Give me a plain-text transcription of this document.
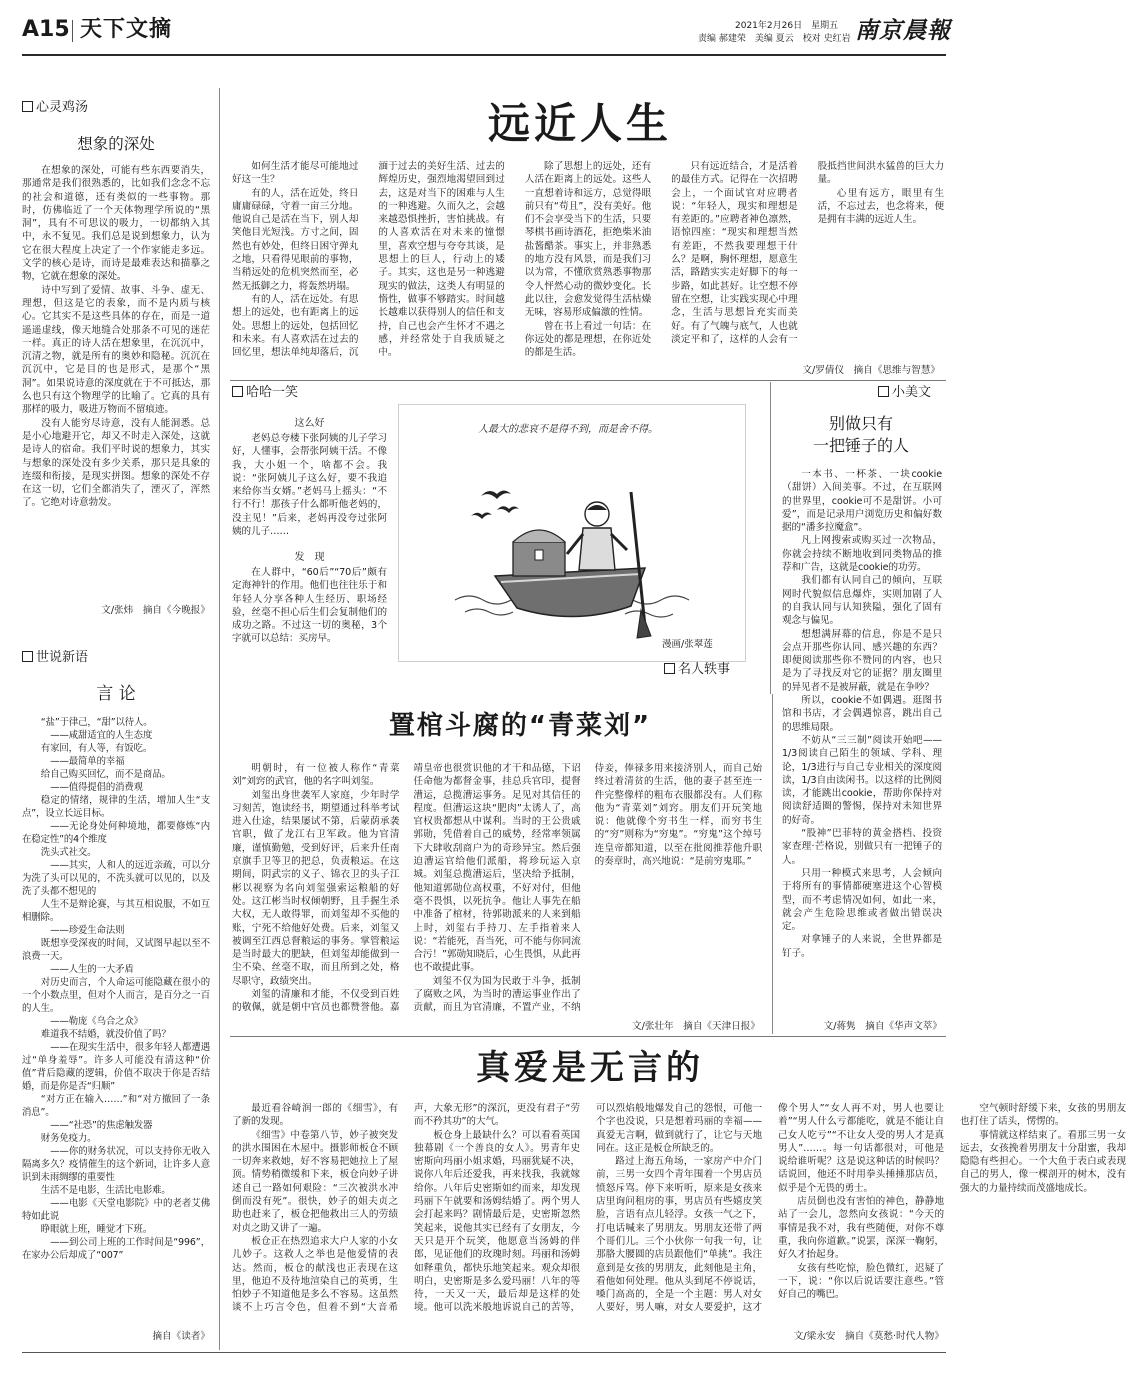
A15 天下文摘	2021年2月26日　星期五
责编 郝建荣　美编 夏云　校对 史红岩 南京晨報
心灵鸡汤
想象的深处

在想象的深处，可能有些东西要消失，那通常是我们很熟悉的，比如我们念念不忘的社会和道德，还有类似的一些事物。那时，仿佛临近了一个天体物理学所说的“黑洞”，具有不可思议的吸力，一切都纳入其中，永不复见。我们总是说到想象力，认为它在很大程度上决定了一个作家能走多远。文学的核心是诗，而诗是最难表达和描摹之物，它就在想象的深处。

诗中写到了爱情、故事、斗争、虚无、理想，但这是它的表象，而不是内质与核心。它其实不是这些具体的存在，而是一道遥遥虚线，像天地缝合处那条不可见的迷茫一样。真正的诗人活在想象里，在沉沉中，沉清之物，就是所有的奥妙和隐秘。沉沉在沉沉中，它是目的也是形式，是那个“黑洞”。如果说诗意的深度就在于不可抵达，那么也只有这个物理学的比喻了。它真的具有那样的吸力，吸进万物而不留痕迹。

没有人能穷尽诗意，没有人能洞悉。总是小心地避开它，却又不时走入深处，这就是诗人的宿命。我们平时说的想象力，其实与想象的深处没有多少关系，那只是具象的连缀和衔接，是现实拼图。想象的深处不存在这一切，它们全都消失了，湮灭了，浑然了。它绝对诗意勃发。

文/张炜　摘自《今晚报》
世说新语
言 论

“盐”于律己，“甜”以待人。

——咸甜适宜的人生态度

有家回，有人等，有饭吃。

——最简单的幸福

给自己购买回忆，而不是商品。

——值得提倡的消费观

稳定的情绪，规律的生活，增加人生“支点”，设立长远目标。

——无论身处何种境地，都要修炼“内在稳定性”的4个维度

洗头式社交。

——其实，人和人的远近亲疏，可以分为洗了头可以见的，不洗头就可以见的，以及洗了头都不想见的

人生不是辩论赛，与其互相说服，不如互相删除。

——珍爱生命法则

既想享受深夜的时间，又试图早起以至不浪费一天。

——人生的一大矛盾

对历史而言，个人命运可能隐藏在很小的一个小数点里，但对个人而言，是百分之一百的人生。

——勒庞《乌合之众》

难道我不结婚，就没价值了吗？

——在现实生活中，很多年轻人都遭遇过“单身羞辱”。许多人可能没有清这种“价值”背后隐藏的逻辑，价值不取决于你是否结婚，而是你是否“归顺”

“对方正在输入……”和“对方撤回了一条消息”。

——“社恐”的焦虑触发器

财务免疫力。

——你的财务状况，可以支持你无收入隔离多久？疫情催生的这个新词，让许多人意识到未雨绸缪的重要性

生活不是电影，生活比电影难。

——电影《天堂电影院》中的老者艾佛特如此说

睁眼就上班，睡觉才下班。

——到公司上班的工作时间是“996”，在家办公后却成了“007”

摘自《读者》
远近人生

如何生活才能尽可能地过好这一生？

有的人，活在近处，终日庸庸碌碌，守着一亩三分地。他说自己是活在当下，别人却笑他目光短浅。方寸之间，固然也有妙处，但终日困守弹丸之地，只看得见眼前的事物，当稍远处的危机突然而至，必然无抵御之力，将轰然坍塌。

有的人，活在远处。有思想上的远处，也有距离上的远处。思想上的远处，包括回忆和未来。有人喜欢活在过去的回忆里，想法单纯却落后，沉湎于过去的美好生活、过去的辉煌历史，强烈地渴望回到过去，这是对当下的困难与人生的一种逃避。久而久之，会越来越恐惧挫折，害怕挑战。有的人喜欢活在对未来的憧憬里，喜欢空想与夸夸其谈，是思想上的巨人，行动上的矮子。其实，这也是另一种逃避现实的做法，这类人有明显的惰性，做事不够踏实。时间越长越难以获得别人的信任和支持，自己也会产生怀才不遇之感，并经常处于自我质疑之中。

除了思想上的远处，还有人活在距离上的远处。这些人一直想着诗和远方，总觉得眼前只有“苟且”，没有美好。他们不会享受当下的生活，只要琴棋书画诗酒花，拒绝柴米油盐酱醋茶。事实上，并非熟悉的地方没有风景，而是我们习以为常，不懂欣赏熟悉事物那令人怦然心动的微妙变化。长此以往，会愈发觉得生活枯燥无味，容易形成偏激的性情。

曾在书上看过一句话：在你远处的都是理想，在你近处的都是生活。

只有远近结合，才是活着的最佳方式。记得在一次招聘会上，一个面试官对应聘者说：“年轻人，现实和理想是有差距的。”应聘者神色凛然，语惊四座：“现实和理想当然有差距，不然我要理想干什么？是啊，胸怀理想，愿意生活，路踏实实走好脚下的每一步路，如此甚好。让空想不停留在空想，让实践实现心中理念，生活与思想旨充实而美好。有了气魄与底气，人也就淡定平和了，这样的人会有一股抵挡世间洪水猛兽的巨大力量。

心里有远方，眼里有生活，不忘过去，也念将来，便是拥有丰满的远近人生。

文/罗倩仪　摘自《思维与智慧》
哈哈一笑
这么好

老妈总夸楼下张阿姨的儿子学习好，人懂事，会帮张阿姨干活。不像我，大小姐一个，啥都不会。我说：“张阿姨儿子这么好，要不我追来给你当女婿。”老妈马上摇头：“不行不行！那孩子什么都听他老妈的，没主见！”后来，老妈再没夸过张阿姨的儿子……

发　现

在人群中，“60后”“70后”颇有定海神针的作用。他们也往往乐于和年轻人分享各种人生经历、职场经验，丝毫不担心后生们会复制他们的成功之路。不过这一切的奥秘，3个字就可以总结：买房早。

人最大的悲哀不是得不到，而是舍不得。
漫画/张翠莲
名人轶事
置棺斗腐的“青菜刘”

明朝时，有一位被人称作“青菜刘”刘窍的武官，他的名字叫刘玺。

刘玺出身世袭军人家庭，少年时学习刻苦，饱读经书，期望通过科举考试进入仕途，结果屡试不第，后蒙荫承袭官职，做了龙江右卫军政。他为官清廉，谨慎勤勉，受到好评，后来升任南京旗手卫等卫的把总，负责粮运。在这期间，阴武宗的义子、锦衣卫的头子江彬以视察为名向刘玺强索运粮船的好处。这江彬当时权倾朝野，且手握生杀大权，无人敢得罪，而刘玺却不买他的账，宁死不给他好处费。后来，刘玺又被调至江西总督粮运的事务。掌管粮运是当时最大的肥缺，但刘玺却能做到一尘不染、丝毫不取，而且所到之处，格尽职守，政绩突出。

刘玺的清廉和才能，不仅受到百姓的敬佩，就是朝中官员也都赞誉他。嘉靖皇帝也很赏识他的才干和品德，下诏任命他为都督金事，挂总兵官印，提督漕运，总揽漕运事务。足见对其信任的程度。但漕运这块“肥肉”太诱人了，高官权贵都想从中谋利。当时的王公贵戚郭勋，凭借着自己的威势，经常率领属下大肆收刮商户为的奇珍异宝。然后强迫漕运官给他们派船，将珍玩运入京城。刘玺总揽漕运后，坚决给予抵制，他知道郭勋位高权重，不好对付，但他毫不畏惧，以死抗争。他让人事先在船中准备了棺材，待郭勋派来的人来到船上时，刘玺右手持刀、左手指着来人说：“若能死，吾当死，可不能与你同流合污！”郭勋知晓后，心生畏惧，从此再也不敢提此事。

刘玺不仅为国为民敢于斗争，抵制了腐败之风，为当时的漕运事业作出了贡献，而且为官清廉，不置产业，不纳侍妾，俸禄多用来接济别人，而自己始终过着清贫的生活，他的妻子甚至连一件完整像样的粗布衣服都没有。人们称他为“青菜刘”刘窍。朋友们开玩笑地说：他就像个穷书生一样，而穷书生的“穷”则称为“穷鬼”。“穷鬼”这个绰号连皇帝都知道，以至在批阅推荐他升职的奏章时，高兴地说：“是前穷鬼耶。”

文/张壮年　摘自《天津日报》
小美文
别做只有
一把锤子的人

一本书、一杯茶、一块cookie（甜饼）入间美事。不过，在互联网的世界里，cookie可不是甜饼。小可爱”，而是记录用户浏览历史和偏好数据的“潘多拉魔盒”。

凡上网搜索或购买过一次物品，你就会持续不断地收到同类物品的推荐和广告，这就是cookie的功劳。

我们都有认同自己的倾向，互联网时代貌似信息爆炸，实则加剧了人的自我认同与认知狭隘，强化了固有观念与偏见。

想想满屏幕的信息，你是不是只会点开那些你认同、感兴趣的东西？即便阅读那些你不赞同的内容，也只是为了寻找反对它的证据？朋友圈里的异见者不是被屏蔽，就是在争吵？

所以，cookie不如偶遇。逛图书馆和书店，才会偶遇惊喜，跳出自己的思维局限。

不妨从“三三制”阅读开始吧——1/3阅读自己陌生的领域、学科、理论，1/3进行与自己专业相关的深度阅读，1/3自由读闲书。以这样的比例阅读，才能跳出cookie，帮助你保持对阅读舒适圈的警惕，保持对未知世界的好奇。

“股神”巴菲特的黄金搭档、投资家查理·芒格说，别做只有一把锤子的人。

只用一种模式来思考，人会倾向于将所有的事情都硬塞进这个心智模型，而不考虑情况如何，如此一来，就会产生危险思维或者做出错误决定。

对拿锤子的人来说，全世界都是钉子。

文/蒋隽　摘自《华声文萃》
真爱是无言的

最近看谷崎润一郎的《细雪》，有了新的发现。

《细雪》中卷第八节，妙子被突发的洪水围困在木屋中。摄影师板仓不顾一切奔来救她，好不容易把她拉上了屋顶。情势稍微缓和下来，板仓向妙子讲述自己一路如何艰险：“三次被洪水冲倒而没有死”。很快，妙子的姐夫贞之助也赶来了，板仓把他救出三人的劳绩对贞之助又讲了一遍。

板仓正在热烈追求大户人家的小女儿妙子。这救人之举也是他爱情的表达。然而，板仓的献浅也正表现在这里，他迫不及待地渲染自己的英勇，生怕妙子不知道他是多么不容易。这虽然谈不上巧言令色，但着不到“大音希声，大象无形”的深沉，更没有君子“劳而不矜其功”的大气。

板仓身上最缺什么？可以看看英国独幕剧《一个善良的女人》。男青年史密斯向玛丽小姐求婚，玛丽犹疑不决，说你八年后还爱我，再来找我，我就嫁给你。八年后史密斯如约而来，却发现玛丽下午就要和汤姆结婚了。两个男人会打起来吗？剧情最后是，史密斯忽然笑起来，说他其实已经有了女朋友，今天只是开个玩笑，他愿意当汤姆的伴郎，见证他们的玫瑰时刻。玛丽和汤姆如释重负，都快乐地笑起来。观众却很明白，史密斯是多么爱玛丽！八年的等待，一天又一天，最后却是这样的处境。他可以洗米般地诉说自己的苦等，可以烈焰般地爆发自己的怨恨，可他一个字也没说，只是想着玛丽的幸福——真爱无言啊，做到就行了，让它与天地同在。这正是板仓所缺乏的。

路过上海五角场，一家房产中介门前，三男一女四个青年围着一个男店员愤怒斥骂。停下来听听，原来是女孩来店里询问租房的事，男店员有些嬉皮笑脸，言语有点儿轻浮。女孩一气之下，打电话喊来了男朋友。男朋友还带了两个哥们儿。三个小伙你一句我一句，让那胳大腰圆的店员跟他们“单挑”。我注意到是女孩的男朋友，此刻他是主角，看他如何处理。他从头到尾不停说话，嗓门高高的，全是一个主题：男人对女人要好，男人嘛，对女人要爱护，这才像个男人”“女人再不对，男人也要让着”“男人什么亏都能吃，就是不能让自己女人吃亏”“不让女人受的男人才是真男人”……。每一句话都很对，可他是说给谁听呢？这是说这种话的时候吗？话说回，他还不时用拳头捶捶那店员，似乎是个无畏的勇士。

店员倒也没有害怕的神色，静静地站了一会儿，忽然向女孩说：“今天的事情是我不对，我有些随便，对你不尊重，我向你道歉。”说罢，深深一鞠躬，好久才抬起身。

女孩有些吃惊，脸色微红，迟疑了一下，说：“你以后说话要注意些。”管好自己的嘴巴。

空气顿时舒缓下来，女孩的男朋友也打住了话头，愣愣的。

事情就这样结束了。看那三男一女远去，女孩挽着男朋友十分甜蜜，我却隐隐有些担心。一个大鱼于表白或表现自己的男人，像一棵剖开的树木，没有强大的力量持续而茂盛地成长。

文/梁永安　摘自《莫愁·时代人物》
